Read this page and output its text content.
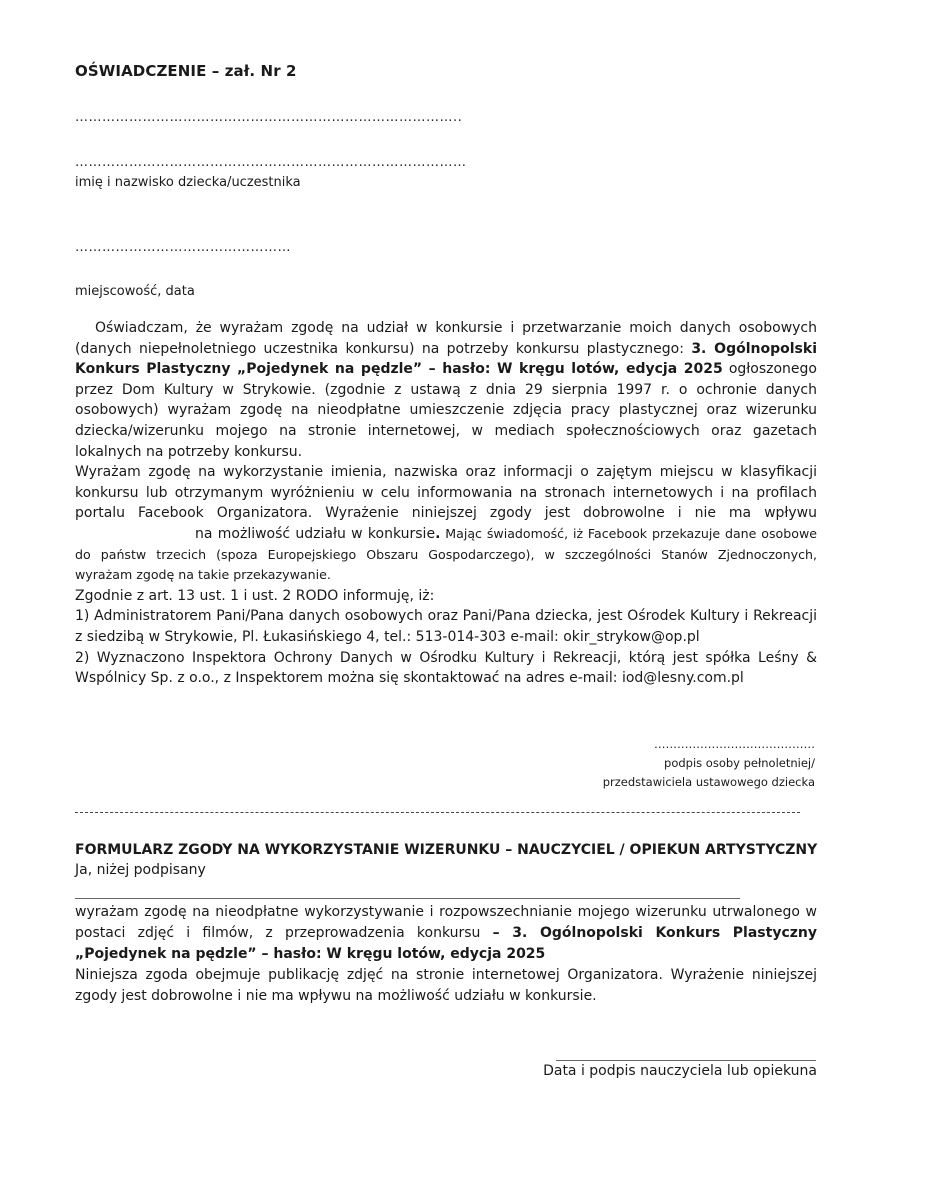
OŚWIADCZENIE – zał. Nr 2
…………………………………………………………………………..
……………………………………………………………………………
imię i nazwisko dziecka/uczestnika
…………………………………………
miejscowość, data
Oświadczam, że wyrażam zgodę na udział w konkursie i przetwarzanie moich danych osobowych (danych niepełnoletniego uczestnika konkursu) na potrzeby konkursu plastycznego: 3. Ogólnopolski Konkurs Plastyczny „Pojedynek na pędzle” – hasło: W kręgu lotów, edycja 2025 ogłoszonego przez Dom Kultury w Strykowie. (zgodnie z ustawą z dnia 29 sierpnia 1997 r. o ochronie danych osobowych) wyrażam zgodę na nieodpłatne umieszczenie zdjęcia pracy plastycznej oraz wizerunku dziecka/wizerunku mojego na stronie internetowej, w mediach społecznościowych oraz gazetach lokalnych na potrzeby konkursu.
Wyrażam zgodę na wykorzystanie imienia, nazwiska oraz informacji o zajętym miejscu w klasyfikacji konkursu lub otrzymanym wyróżnieniu w celu informowania na stronach internetowych i na profilach portalu Facebook Organizatora. Wyrażenie niniejszej zgody jest dobrowolne i nie ma wpływuna możliwość udziału w konkursie. Mając świadomość, iż Facebook przekazuje dane osobowe do państw trzecich (spoza Europejskiego Obszaru Gospodarczego), w szczególności Stanów Zjednoczonych, wyrażam zgodę na takie przekazywanie.
Zgodnie z art. 13 ust. 1 i ust. 2 RODO informuję, iż:
1) Administratorem Pani/Pana danych osobowych oraz Pani/Pana dziecka, jest Ośrodek Kultury i Rekreacji z siedzibą w Strykowie, Pl. Łukasińskiego 4, tel.: 513-014-303 e-mail: okir_strykow@op.pl
2) Wyznaczono Inspektora Ochrony Danych w Ośrodku Kultury i Rekreacji, którą jest spółka Leśny & Wspólnicy Sp. z o.o., z Inspektorem można się skontaktować na adres e-mail: iod@lesny.com.pl
……………………………………
podpis osoby pełnoletniej/
przedstawiciela ustawowego dziecka
FORMULARZ ZGODY NA WYKORZYSTANIE WIZERUNKU – NAUCZYCIEL / OPIEKUN ARTYSTYCZNY
Ja, niżej podpisany
wyrażam zgodę na nieodpłatne wykorzystywanie i rozpowszechnianie mojego wizerunku utrwalonego w postaci zdjęć i filmów, z przeprowadzenia konkursu – 3. Ogólnopolski Konkurs Plastyczny „Pojedynek na pędzle” – hasło: W kręgu lotów, edycja 2025
Niniejsza zgoda obejmuje publikację zdjęć na stronie internetowej Organizatora. Wyrażenie niniejszej zgody jest dobrowolne i nie ma wpływu na możliwość udziału w konkursie.
Data i podpis nauczyciela lub opiekuna
